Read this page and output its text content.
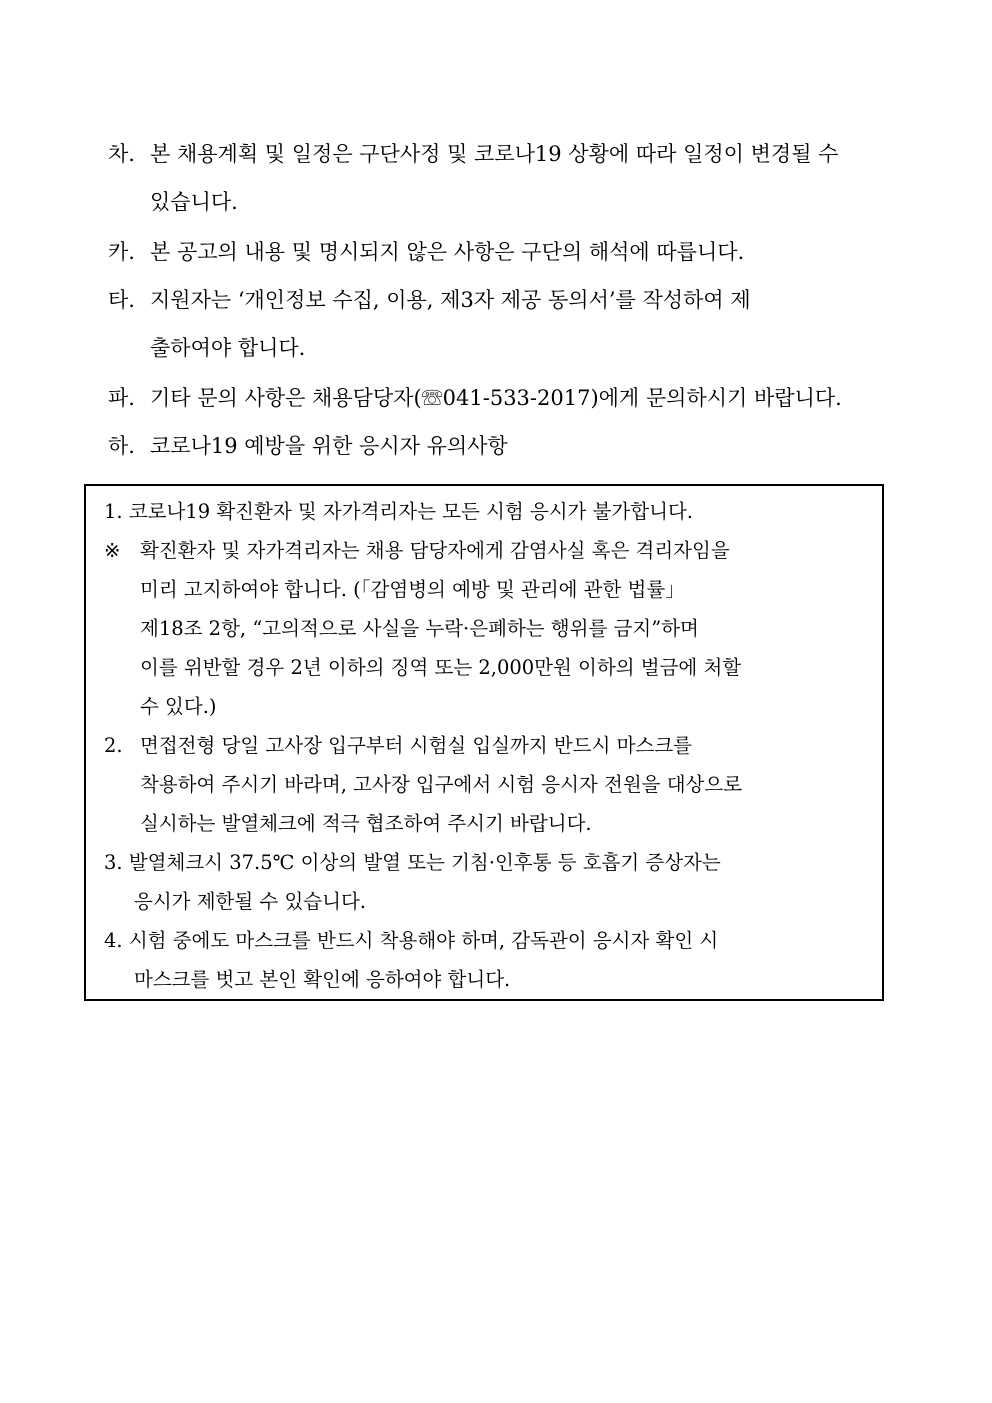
차. 본 채용계획 및 일정은 구단사정 및 코로나19 상황에 따라 일정이 변경될 수
있습니다.
카. 본 공고의 내용 및 명시되지 않은 사항은 구단의 해석에 따릅니다.
타. 지원자는 ‘개인정보 수집, 이용, 제3자 제공 동의서’를 작성하여 제
출하여야 합니다.
파. 기타 문의 사항은 채용담당자(☏041-533-2017)에게 문의하시기 바랍니다.
하. 코로나19 예방을 위한 응시자 유의사항
1. 코로나19 확진환자 및 자가격리자는 모든 시험 응시가 불가합니다.
※ 확진환자 및 자가격리자는 채용 담당자에게 감염사실 혹은 격리자임을
미리 고지하여야 합니다. (「감염병의 예방 및 관리에 관한 법률」
제18조 2항, “고의적으로 사실을 누락·은폐하는 행위를 금지”하며
이를 위반할 경우 2년 이하의 징역 또는 2,000만원 이하의 벌금에 처할
수 있다.)
2. 면접전형 당일 고사장 입구부터 시험실 입실까지 반드시 마스크를
착용하여 주시기 바라며, 고사장 입구에서 시험 응시자 전원을 대상으로
실시하는 발열체크에 적극 협조하여 주시기 바랍니다.
3. 발열체크시 37.5℃ 이상의 발열 또는 기침·인후통 등 호흡기 증상자는
응시가 제한될 수 있습니다.
4. 시험 중에도 마스크를 반드시 착용해야 하며, 감독관이 응시자 확인 시
마스크를 벗고 본인 확인에 응하여야 합니다.
